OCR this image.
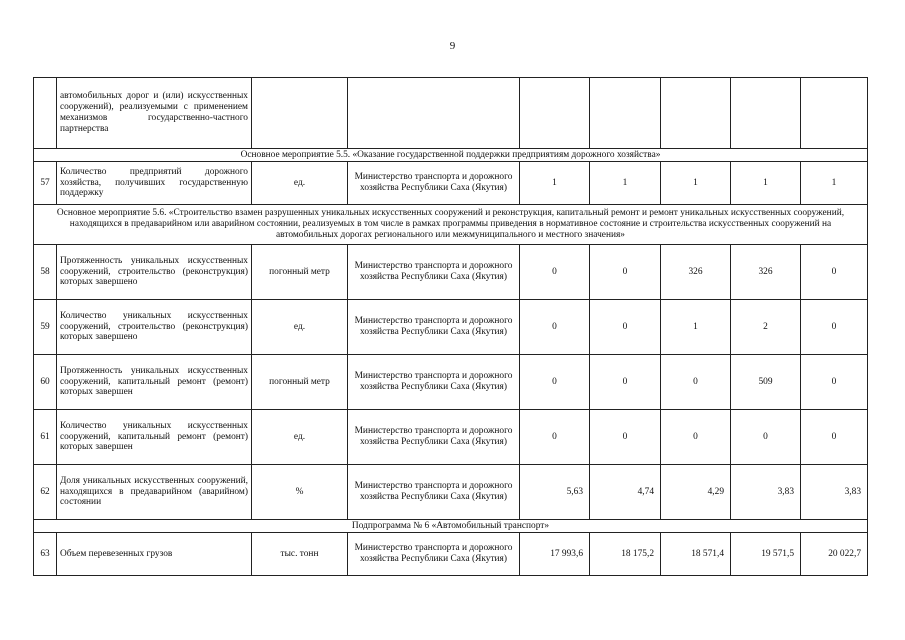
9
	автомобильных дорог и (или) искусственных сооружений), реализуемыми с применением механизмов государственно-частного партнерства							
Основное мероприятие 5.5. «Оказание государственной поддержки предприятиям дорожного хозяйства»								
57	Количество предприятий дорожного хозяйства, получивших государственную поддержку	ед.	Министерство транспорта и дорожного хозяйства Республики Саха (Якутия)	1	1	1	1	1
Основное мероприятие 5.6. «Строительство взамен разрушенных уникальных искусственных сооружений и реконструкция, капитальный ремонт и ремонт уникальных искусственных сооружений, находящихся в предаварийном или аварийном состоянии, реализуемых в том числе в рамках программы приведения в нормативное состояние и строительства искусственных сооружений на автомобильных дорогах регионального или межмуниципального и местного значения»								
58	Протяженность уникальных искусственных сооружений, строительство (реконструкция) которых завершено	погонный метр	Министерство транспорта и дорожного хозяйства Республики Саха (Якутия)	0	0	326	326	0
59	Количество уникальных искусственных сооружений, строительство (реконструкция) которых завершено	ед.	Министерство транспорта и дорожного хозяйства Республики Саха (Якутия)	0	0	1	2	0
60	Протяженность уникальных искусственных сооружений, капитальный ремонт (ремонт) которых завершен	погонный метр	Министерство транспорта и дорожного хозяйства Республики Саха (Якутия)	0	0	0	509	0
61	Количество уникальных искусственных сооружений, капитальный ремонт (ремонт) которых завершен	ед.	Министерство транспорта и дорожного хозяйства Республики Саха (Якутия)	0	0	0	0	0
62	Доля уникальных искусственных сооружений, находящихся в предаварийном (аварийном) состоянии	%	Министерство транспорта и дорожного хозяйства Республики Саха (Якутия)	5,63	4,74	4,29	3,83	3,83
Подпрограмма № 6 «Автомобильный транспорт»								
63	Объем перевезенных грузов	тыс. тонн	Министерство транспорта и дорожного хозяйства Республики Саха (Якутия)	17 993,6	18 175,2	18 571,4	19 571,5	20 022,7
